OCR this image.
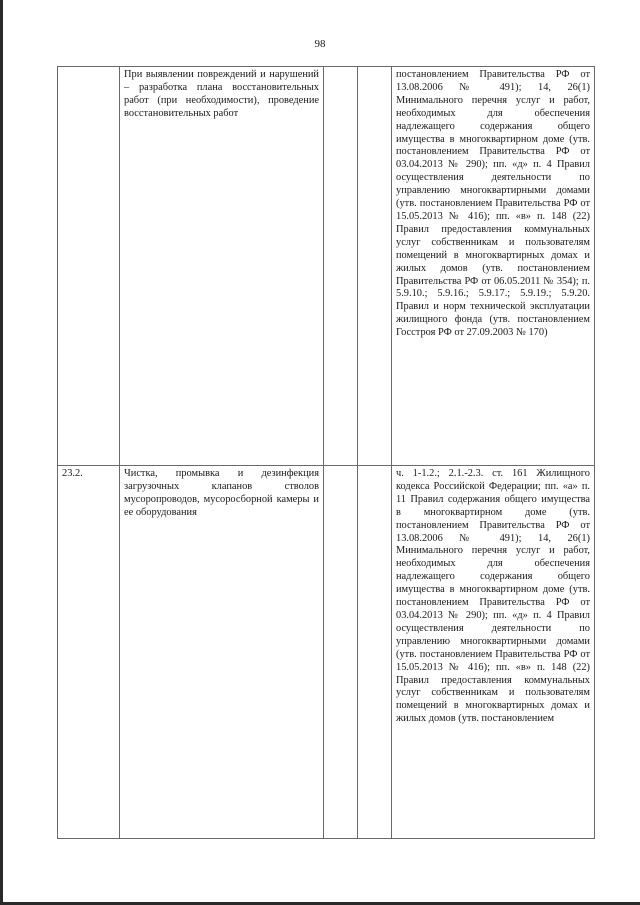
98
	При выявлении повреждений и нарушений – разработка плана восстановительных работ (при необходимости), проведение восстановительных работ			постановлением Правительства РФ от 13.08.2006 № 491); 14, 26(1) Минимального перечня услуг и работ, необходимых для обеспечения надлежащего содержания общего имущества в многоквартирном доме (утв. постановлением Правительства РФ от 03.04.2013 № 290); пп. «д» п. 4 Правил осуществления деятельности по управлению многоквартирными домами (утв. постановлением Правительства РФ от 15.05.2013 № 416); пп. «в» п. 148 (22) Правил предоставления коммунальных услуг собственникам и пользователям помещений в многоквартирных домах и жилых домов (утв. постановлением Правительства РФ от 06.05.2011 № 354); п. 5.9.10.; 5.9.16.; 5.9.17.; 5.9.19.; 5.9.20. Правил и норм технической эксплуатации жилищного фонда (утв. постановлением Госстроя РФ от 27.09.2003 № 170)
23.2.	Чистка, промывка и дезинфекция загрузочных клапанов стволов мусоропроводов, мусоросборной камеры и ее оборудования			ч. 1-1.2.; 2.1.-2.3. ст. 161 Жилищного кодекса Российской Федерации; пп. «а» п. 11 Правил содержания общего имущества в многоквартирном доме (утв. постановлением Правительства РФ от 13.08.2006 № 491); 14, 26(1) Минимального перечня услуг и работ, необходимых для обеспечения надлежащего содержания общего имущества в многоквартирном доме (утв. постановлением Правительства РФ от 03.04.2013 № 290); пп. «д» п. 4 Правил осуществления деятельности по управлению многоквартирными домами (утв. постановлением Правительства РФ от 15.05.2013 № 416); пп. «в» п. 148 (22) Правил предоставления коммунальных услуг собственникам и пользователям помещений в многоквартирных домах и жилых домов (утв. постановлением
